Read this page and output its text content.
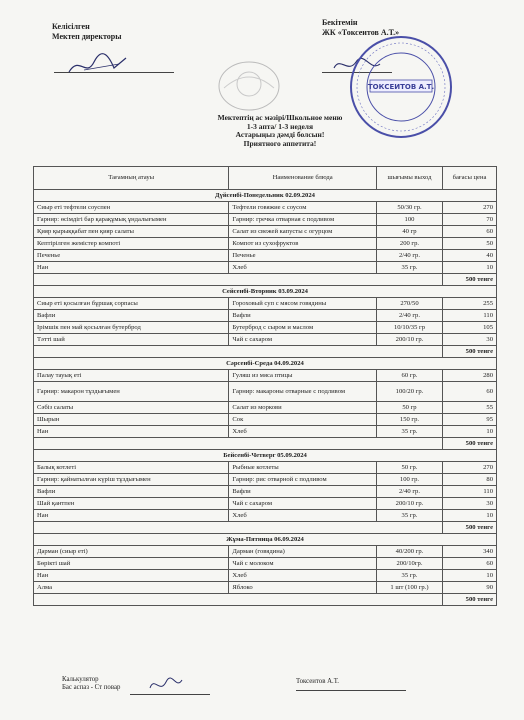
Келісілген
Мектеп директоры
Бекітемін
ЖК «Токсеитов А.Т.»
ТОКСЕИТОВ А.Т.
Мектептің ас мәзірі/Школьное меню
1-3 апта/ 1-3 неделя
Астарыңыз дәмді болсын!
Приятного аппетита!
Тағамның атауы	Наименование блюда	шығымы выход	бағасы цена
Дүйсенбі-Понедельник 02.09.2024			
Сиыр еті тефтели соуспен	Тефтели говяжие с соусом	50/30 гр.	270
Гарнир: өсімдігі бар қарақұмық ұндалығымен	Гарнир: гречка отварная с подливом	100	70
Қияр қырыққабат пен қияр салаты	Салат из свежей капусты с огурцом	40 гр	60
Кептірілген жемістер компоті	Компот из сухофруктов	200 гр.	50
Печенье	Печенье	2/40 гр.	40
Нан	Хлеб	35 гр.	10
			500 тенге
Сейсенбі-Вторник 03.09.2024			
Сиыр еті қосылған бұршақ сорпасы	Гороховый суп с мясом говядины	270/50	255
Вафли	Вафли	2/40 гр.	110
Ірімшік пен май қосылған бутерброд	Бутерброд с сыром и маслом	10/10/35 гр	105
Тәтті шай	Чай с сахаром	200/10 гр.	30
			500 тенге
Сәрсенбі-Среда 04.09.2024			
Палау тауық еті	Гуляш из мяса птицы	60 гр.	280
Гарнир: макарон тұздығымен	Гарнир: макароны отварные с подливом	100/20 гр.	60
Сәбіз салаты	Салат из моркови	50 гр	55
Шырын	Сок	150 гр.	95
Нан	Хлеб	35 гр.	10
			500 тенге
Бейсенбі-Четверг 05.09.2024			
Балық котлеті	Рыбные котлеты	50 гр.	270
Гарнир: қайнатылған күріш тұздығымен	Гарнир: рис отварной с подливом	100 гр.	80
Вафли	Вафли	2/40 гр.	110
Шай қантпен	Чай с сахаром	200/10 гр.	30
Нан	Хлеб	35 гр.	10
			500 тенге
Жұма-Пятница 06.09.2024			
Дарман (сиыр еті)	Дарман (говядина)	40/200 гр.	340
Бөрікті шай	Чай с молоком	200/10гр.	60
Нан	Хлеб	35 гр.	10
Алма	Яблоко	1 шт (100 гр.)	90
			500 тенге
Калькулятор
Бас аспаз - Ст повар
Токсеитов А.Т.
